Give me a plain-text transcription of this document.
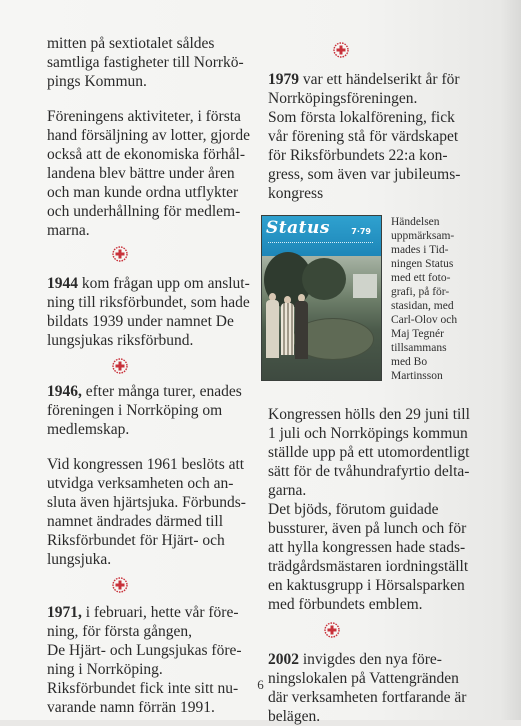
mitten på sextiotalet såldes
samtliga fastigheter till Norrkö-
pings Kommun.
Föreningens aktiviteter, i första
hand försäljning av lotter, gjorde
också att de ekonomiska förhål-
landena blev bättre under åren
och man kunde ordna utflykter
och underhållning för medlem-
marna.
1944 kom frågan upp om anslut-
ning till riksförbundet, som hade
bildats 1939 under namnet De
lungsjukas riksförbund.
1946, efter många turer, enades
föreningen i Norrköping om
medlemskap.
Vid kongressen 1961 beslöts att
utvidga verksamheten och an-
sluta även hjärtsjuka. Förbunds-
namnet ändrades därmed till
Riksförbundet för Hjärt- och
lungsjuka.
1971, i februari, hette vår före-
ning, för första gången,
De Hjärt- och Lungsjukas före-
ning i Norrköping.
Riksförbundet fick inte sitt nu-
varande namn förrän 1991.
1979 var ett händelserikt år för
Norrköpingsföreningen.
Som första lokalförening, fick
vår förening stå för värdskapet
för Riksförbundets 22:a kon-
gress, som även var jubileums-
kongress
Status	7·79
Händelsen
uppmärksam-
mades i Tid-
ningen Status
med ett foto-
grafi, på för-
stasidan, med
Carl-Olov och
Maj Tegnér
tillsammans
med Bo
Martinsson
Kongressen hölls den 29 juni till
1 juli och Norrköpings kommun
ställde upp på ett utomordentligt
sätt för de tvåhundrafyrtio delta-
garna.
Det bjöds, förutom guidade
bussturer, även på lunch och för
att hylla kongressen hade stads-
trädgårdsmästaren iordningställt
en kaktusgrupp i Hörsalsparken
med förbundets emblem.
2002 invigdes den nya före-
ningslokalen på Vattengränden
där verksamheten fortfarande är
belägen.
6
